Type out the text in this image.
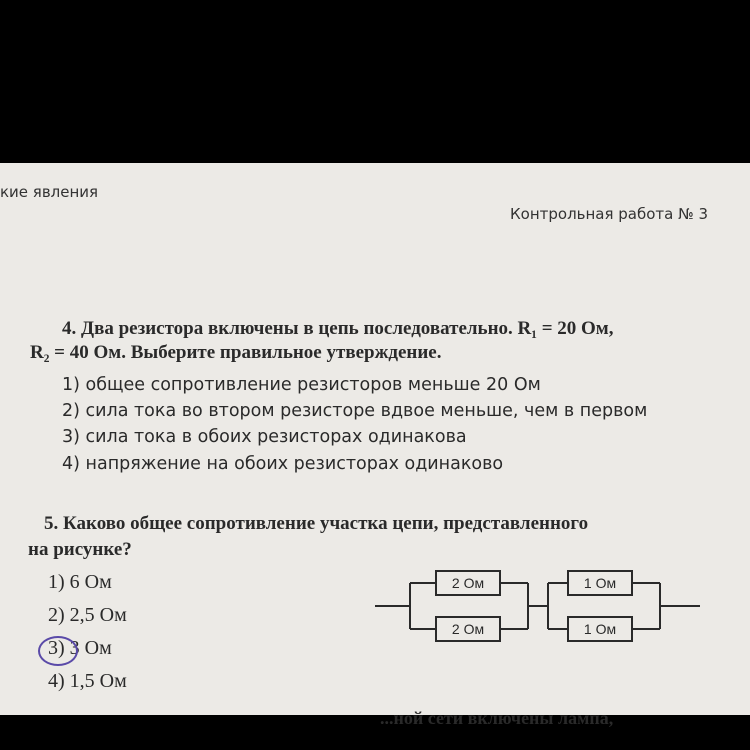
кие явления
Контрольная работа № 3
4. Два резистора включены в цепь последовательно. R₁ = 20 Ом,
R₂ = 40 Ом. Выберите правильное утверждение.
1) общее сопротивлениe резисторов меньше 20 Ом
2) сила тока во втором резисторе вдвое меньше, чем в первом
3) сила тока в обоих резисторах одинакова
4) напряжение на обоих резисторах одинаково
5. Каково общее сопротивление участка цепи, представленного
на рисунке?
1) 6 Ом
2) 2,5 Ом
3) 3 Ом
4) 1,5 Ом
2 Ом
2 Ом
1 Ом
1 Ом
...ной сети включены лампа,
